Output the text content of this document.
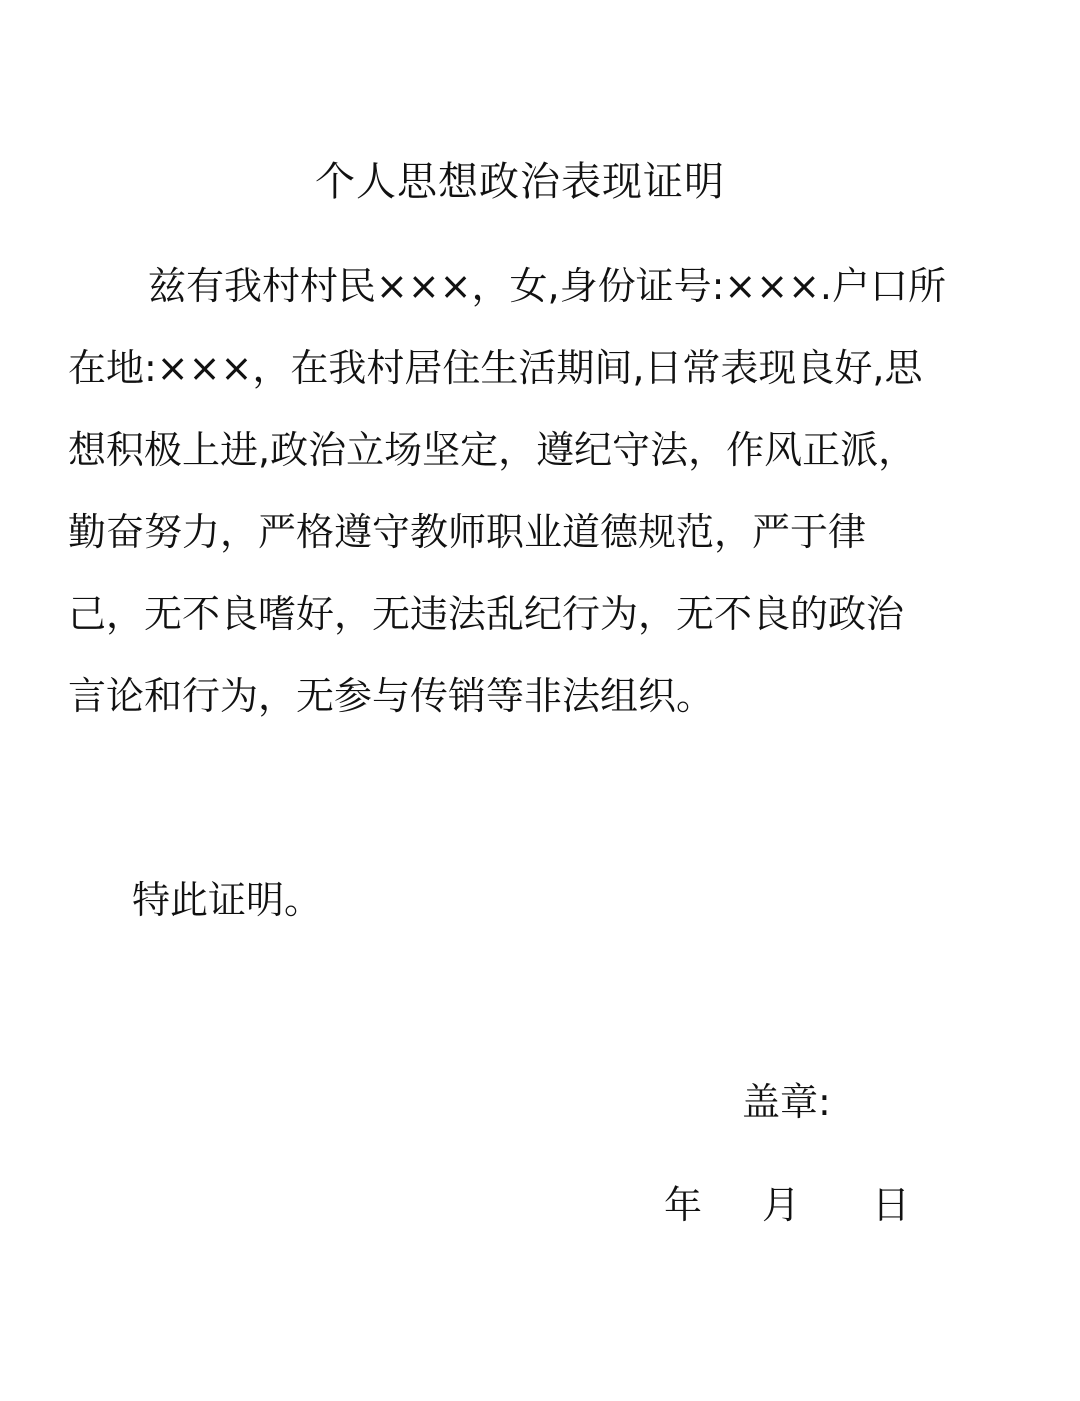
个人思想政治表现证明
兹有我村村民×××，女,身份证号:×××.户口所
在地:×××，在我村居住生活期间,日常表现良好,思
想积极上进,政治立场坚定，遵纪守法，作风正派，
勤奋努力，严格遵守教师职业道德规范，严于律
己，无不良嗜好，无违法乱纪行为，无不良的政治
言论和行为，无参与传销等非法组织。
特此证明。
盖章:
年 月 日
